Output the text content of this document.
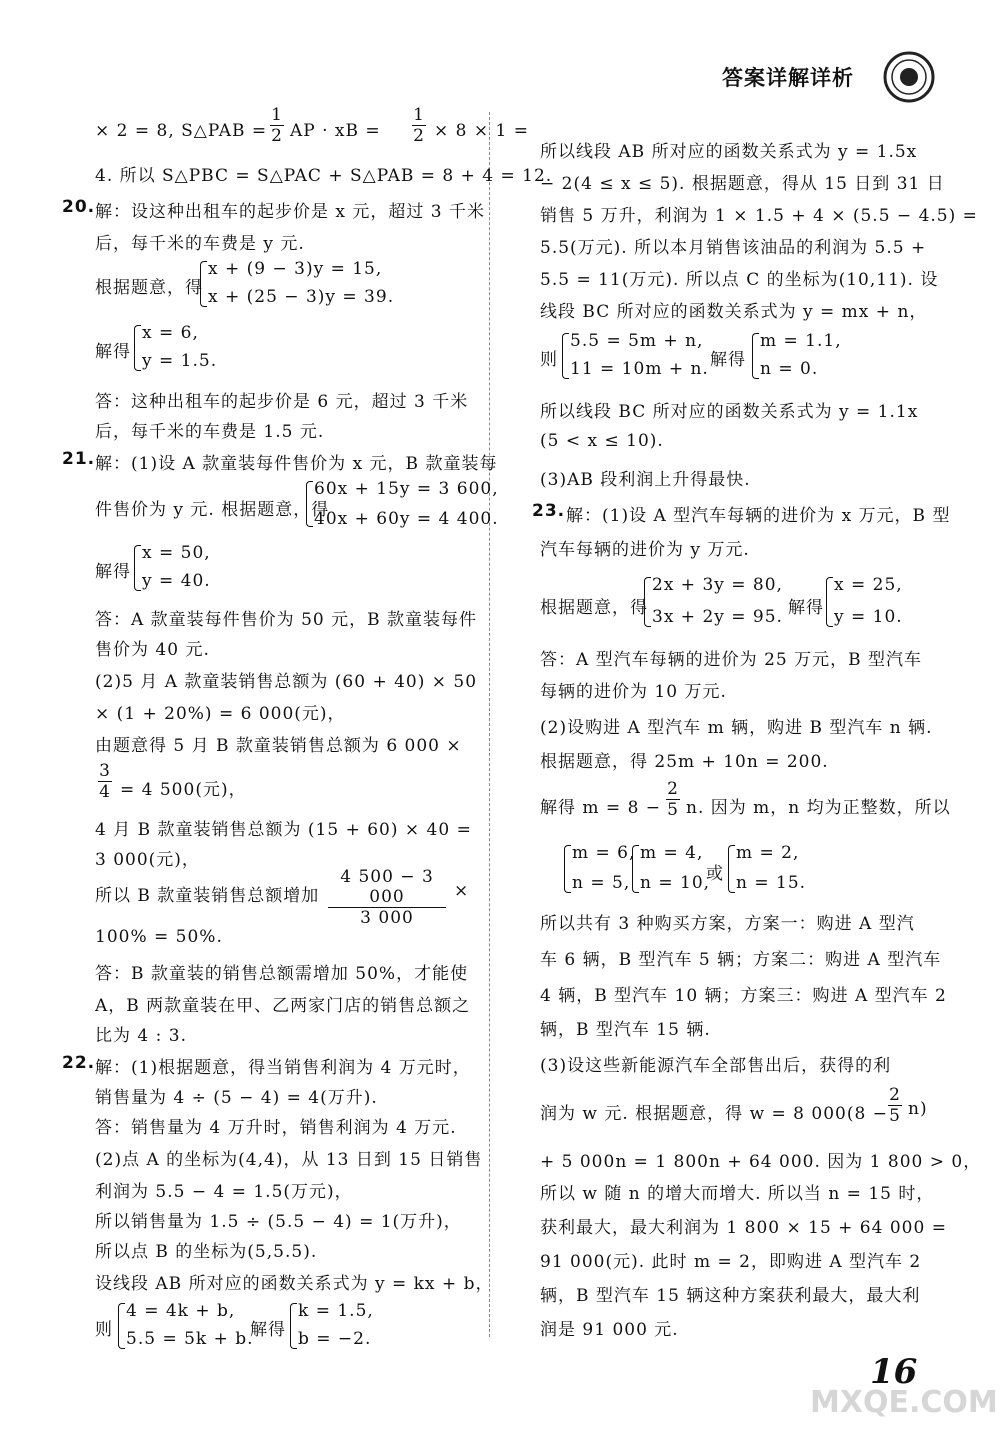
答案详解详析
× 2 = 8, S△PAB = $\frac{1}{2}$ AP · xB = $\frac{1}{2} \times 8 \times 1$ =
4. 所以 S△PBC = S△PAC + S△PAB = 8 + 4 = 12.
20. 解：设这种出租车的起步价是 x 元，超过 3 千米
后，每千米的车费是 y 元.
根据题意，得
x + (9 − 3)y = 15,
x + (25 − 3)y = 39.
解得
x = 6,
y = 1.5.
答：这种出租车的起步价是 6 元，超过 3 千米
后，每千米的车费是 1.5 元.
21. 解：(1)设 A 款童装每件售价为 x 元，B 款童装每
件售价为 y 元. 根据题意，得
60x + 15y = 3 600,
40x + 60y = 4 400.
解得
x = 50,
y = 40.
答：A 款童装每件售价为 50 元，B 款童装每件
售价为 40 元.
(2)5 月 A 款童装销售总额为 (60 + 40) × 50
× (1 + 20%) = 6 000(元)，
由题意得 5 月 B 款童装销售总额为 6 000 ×
$\frac{3}{4} = 4$ 500(元)，
4 月 B 款童装销售总额为 (15 + 60) × 40 =
3 000(元)，
所以 B 款童装销售总额增加 $\frac{4 500 - 3 000}{3 000}$ ×
100% = 50%.
答：B 款童装的销售总额需增加 50%，才能使
A，B 两款童装在甲、乙两家门店的销售总额之
比为 4 : 3.
22. 解：(1)根据题意，得当销售利润为 4 万元时，
销售量为 4 ÷ (5 − 4) = 4(万升).
答：销售量为 4 万升时，销售利润为 4 万元.
(2)点 A 的坐标为(4,4)，从 13 日到 15 日销售
利润为 5.5 − 4 = 1.5(万元)，
所以销售量为 1.5 ÷ (5.5 − 4) = 1(万升)，
所以点 B 的坐标为(5,5.5).
设线段 AB 所对应的函数关系式为 y = kx + b，
则
4 = 4k + b,
5.5 = 5k + b.
解得
k = 1.5,
b = −2.
所以线段 AB 所对应的函数关系式为 y = 1.5x
− 2(4 ≤ x ≤ 5). 根据题意，得从 15 日到 31 日
销售 5 万升，利润为 1 × 1.5 + 4 × (5.5 − 4.5) =
5.5(万元). 所以本月销售该油品的利润为 5.5 +
5.5 = 11(万元). 所以点 C 的坐标为(10,11). 设
线段 BC 所对应的函数关系式为 y = mx + n，
则
5.5 = 5m + n,
11 = 10m + n. 解得
m = 1.1,
n = 0.
所以线段 BC 所对应的函数关系式为 y = 1.1x
(5 < x ≤ 10).
(3)AB 段利润上升得最快.
23. 解：(1)设 A 型汽车每辆的进价为 x 万元，B 型
汽车每辆的进价为 y 万元.
根据题意，得
2x + 3y = 80,
3x + 2y = 95. 解得
x = 25,
y = 10.
答：A 型汽车每辆的进价为 25 万元，B 型汽车
每辆的进价为 10 万元.
(2)设购进 A 型汽车 m 辆，购进 B 型汽车 n 辆.
根据题意，得 25m + 10n = 200.
解得 $m = 8 - \frac{2}{5} n$. 因为 m，n 均为正整数，所以
m = 6,
n = 5,
m = 4,
n = 10,
或
m = 2,
n = 15.
所以共有 3 种购买方案，方案一：购进 A 型汽
车 6 辆，B 型汽车 5 辆；方案二：购进 A 型汽车
4 辆，B 型汽车 10 辆；方案三：购进 A 型汽车 2
辆，B 型汽车 15 辆.
(3)设这些新能源汽车全部售出后，获得的利
润为 w 元. 根据题意，得 w = 8 $000(8 - \frac{2}{5} n)$
+ 5 000n = 1 800n + 64 000. 因为 1 800 > 0，
所以 w 随 n 的增大而增大. 所以当 n = 15 时，
获利最大，最大利润为 1 800 × 15 + 64 000 =
91 000(元). 此时 m = 2，即购进 A 型汽车 2
辆，B 型汽车 15 辆这种方案获利最大，最大利
润是 91 000 元.
16
MXQE.COM
